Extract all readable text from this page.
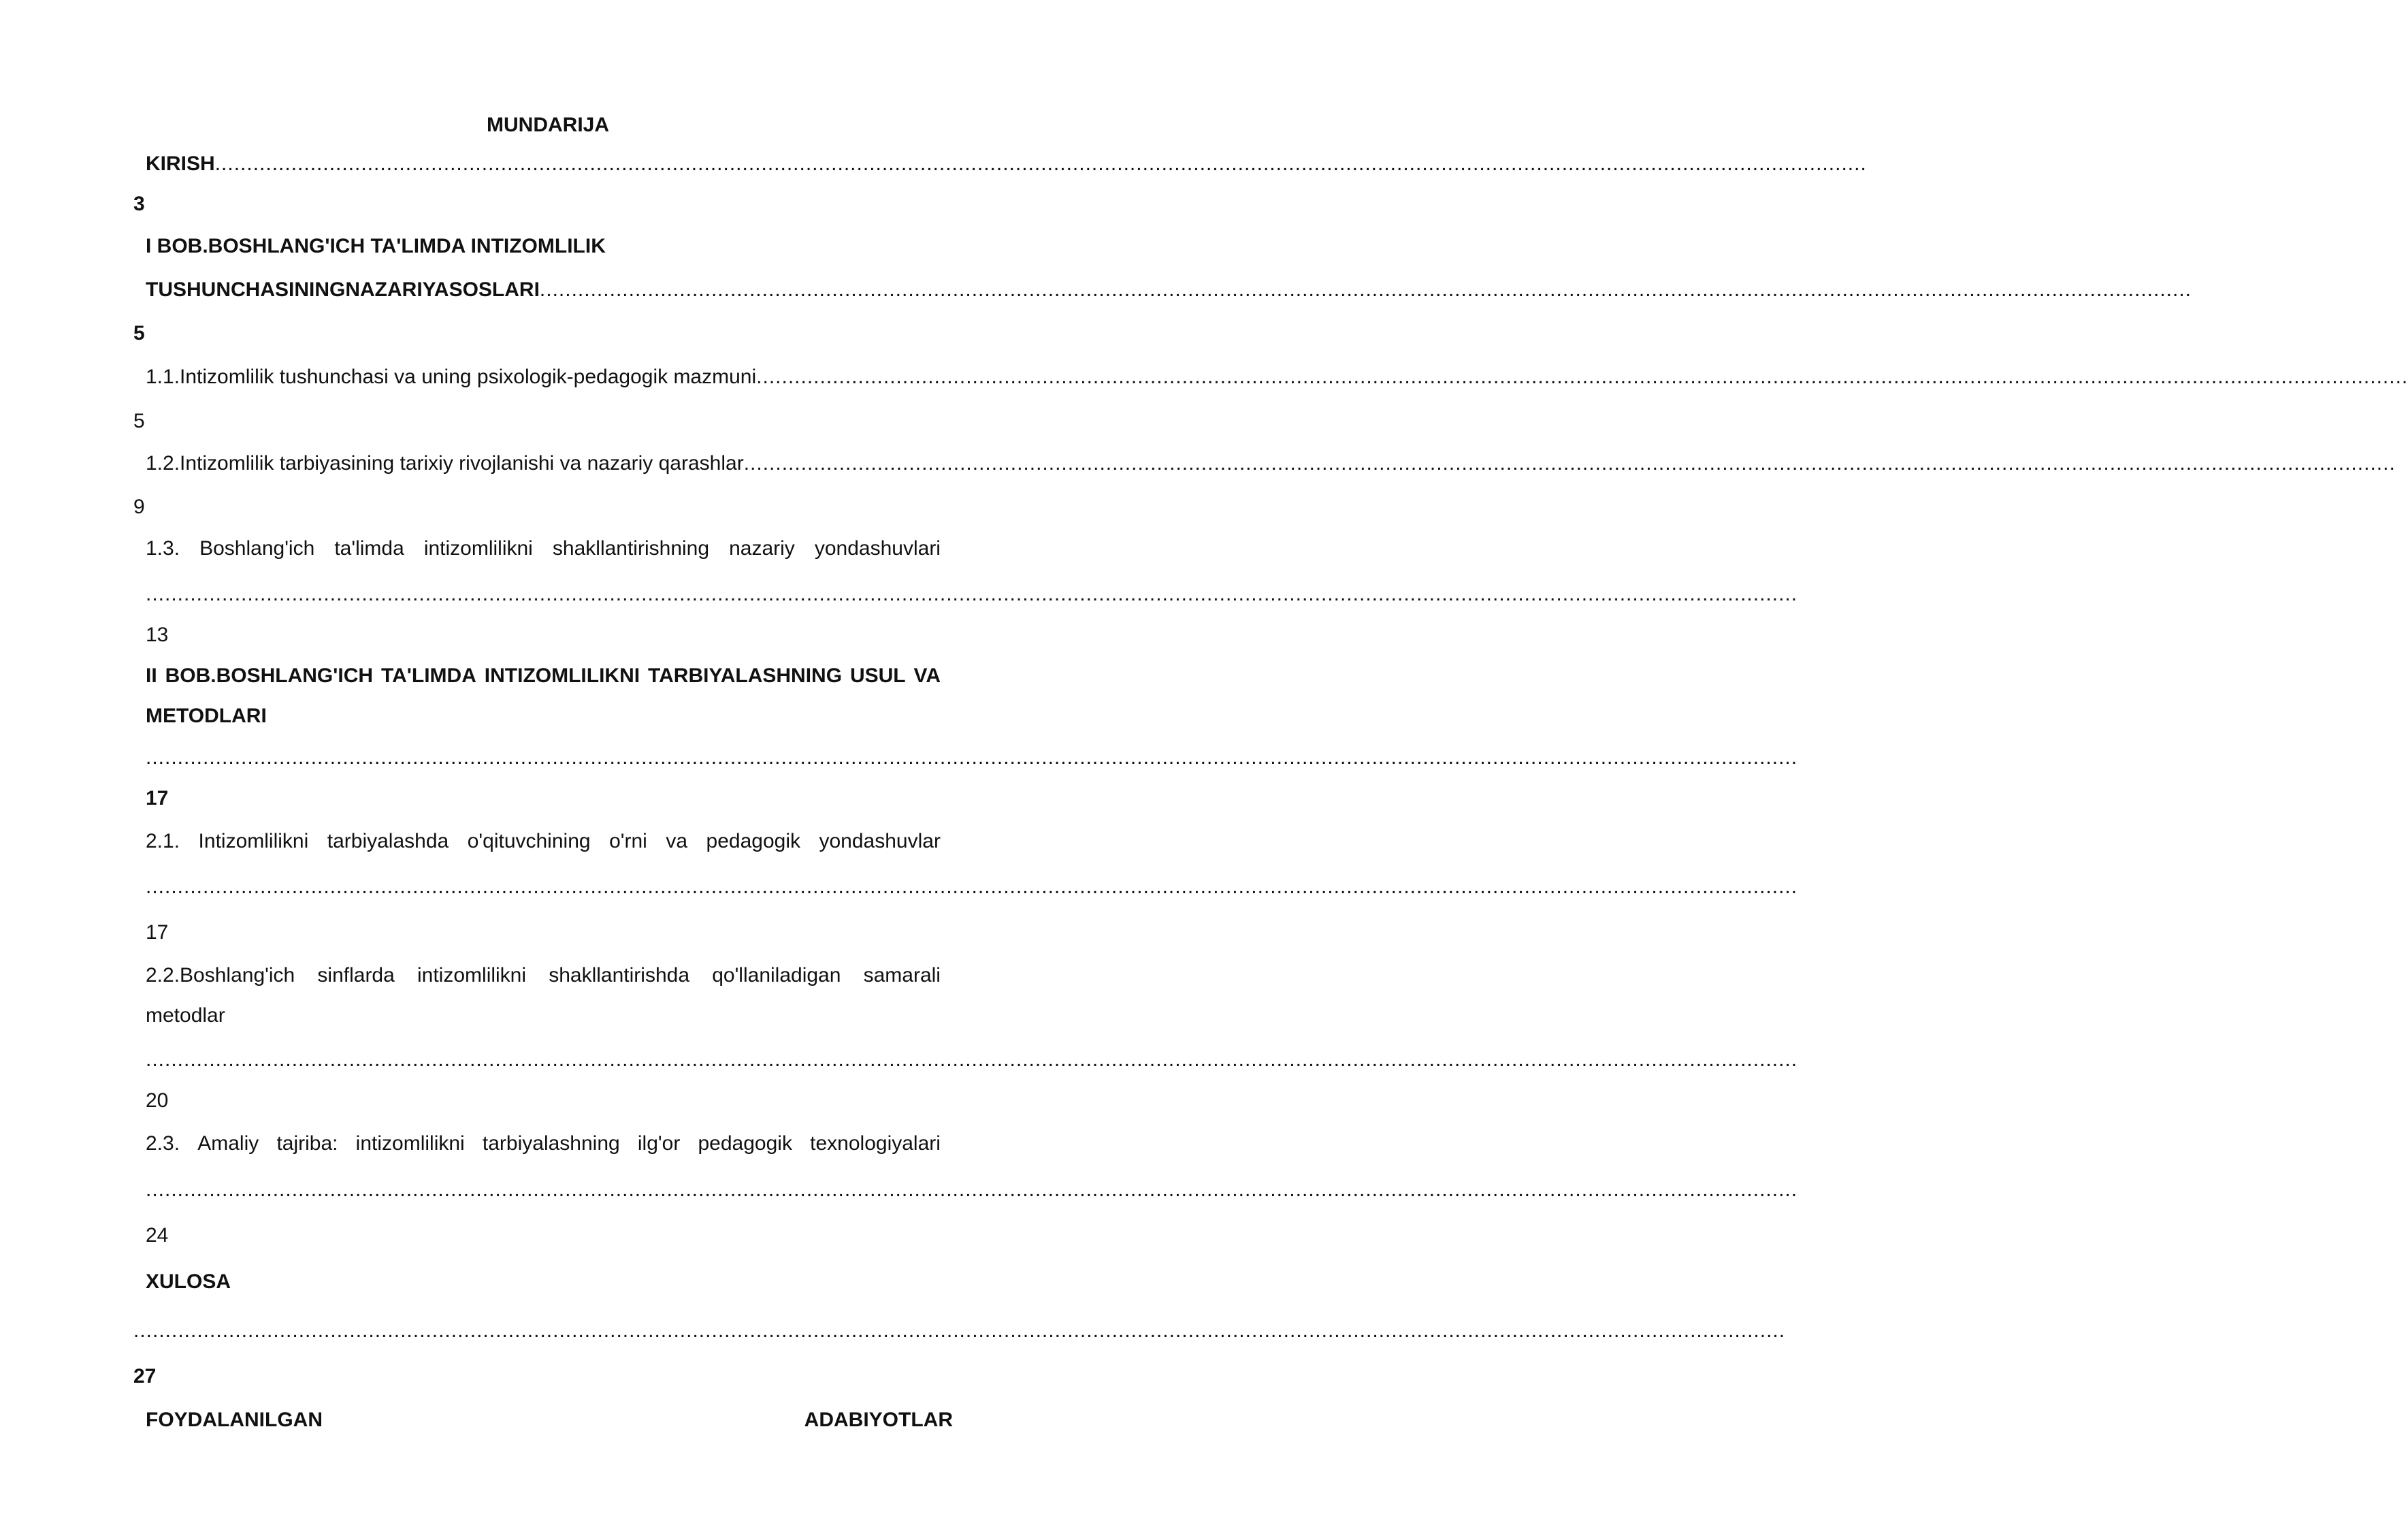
MUNDARIJA
KIRISH ....................................................................................................................................................................................................................................................................
3
I BOB.BOSHLANG'ICH TA'LIMDA INTIZOMLILIK
TUSHUNCHASININGNAZARIYASOSLARI ....................................................................................................................................................................................................................................................................
5
1.1.Intizomlilik tushunchasi va uning psixologik-pedagogik mazmuni ....................................................................................................................................................................................................................................................................
5
1.2.Intizomlilik tarbiyasining tarixiy rivojlanishi va nazariy qarashlar ....................................................................................................................................................................................................................................................................
9
1.3. Boshlang'ich ta'limda intizomlilikni shakllantirishning nazariy yondashuvlari
....................................................................................................................................................................................................................................................................
13
II BOB.BOSHLANG'ICH TA'LIMDA INTIZOMLILIKNI TARBIYALASHNING USUL VA
METODLARI
....................................................................................................................................................................................................................................................................
17
2.1. Intizomlilikni tarbiyalashda o'qituvchining o'rni va pedagogik yondashuvlar
....................................................................................................................................................................................................................................................................
17
2.2.Boshlang'ich sinflarda intizomlilikni shakllantirishda qo'llaniladigan samarali
metodlar
....................................................................................................................................................................................................................................................................
20
2.3. Amaliy tajriba: intizomlilikni tarbiyalashning ilg'or pedagogik texnologiyalari
....................................................................................................................................................................................................................................................................
24
XULOSA
....................................................................................................................................................................................................................................................................
27
FOYDALANILGAN	ADABIYOTLAR
